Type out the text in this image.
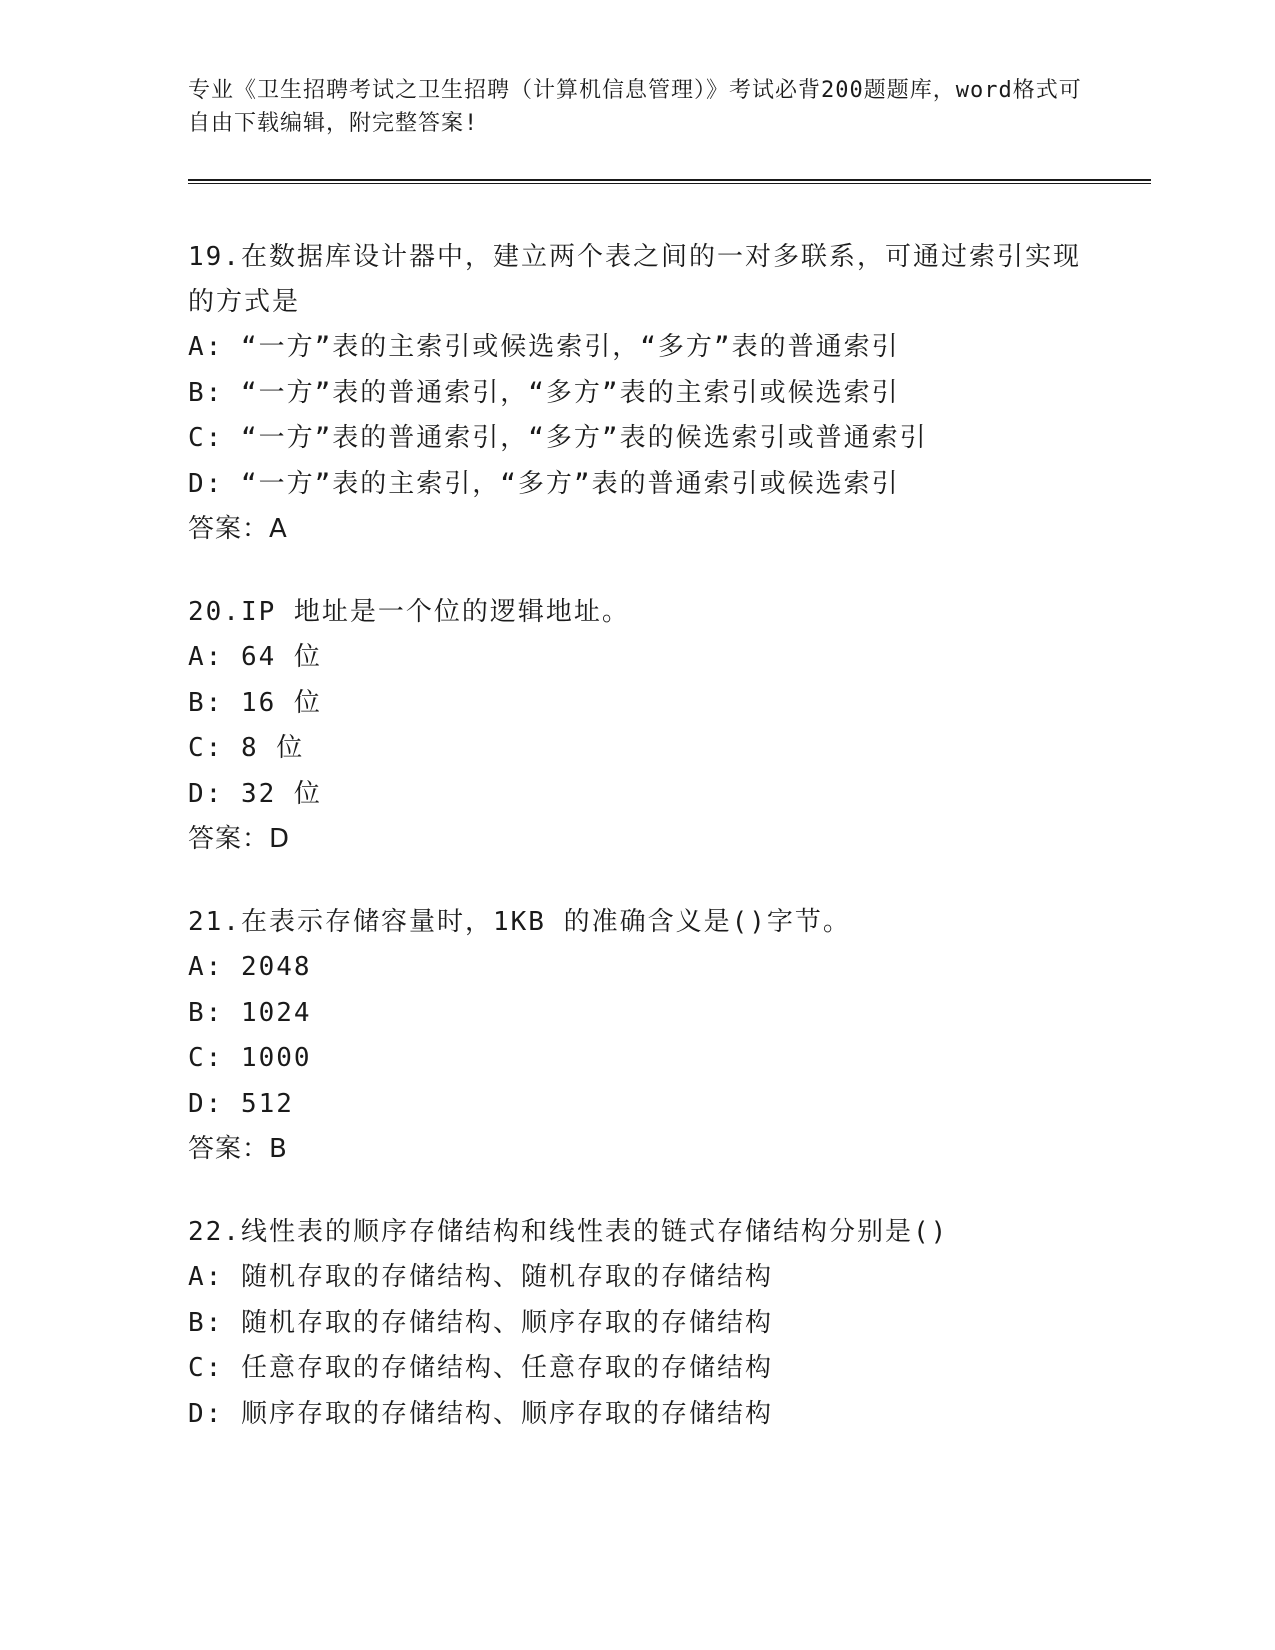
专业《卫生招聘考试之卫生招聘（计算机信息管理）》考试必背200题题库，word格式可自由下载编辑，附完整答案!

19.在数据库设计器中，建立两个表之间的一对多联系，可通过索引实现的方式是

A: “一方”表的主索引或候选索引，“多方”表的普通索引

B: “一方”表的普通索引，“多方”表的主索引或候选索引

C: “一方”表的普通索引，“多方”表的候选索引或普通索引

D: “一方”表的主索引，“多方”表的普通索引或候选索引

答案：A

20.IP 地址是一个位的逻辑地址。

A: 64 位

B: 16 位

C: 8 位

D: 32 位

答案：D

21.在表示存储容量时，1KB 的准确含义是()字节。

A: 2048

B: 1024

C: 1000

D: 512

答案：B

22.线性表的顺序存储结构和线性表的链式存储结构分别是()

A: 随机存取的存储结构、随机存取的存储结构

B: 随机存取的存储结构、顺序存取的存储结构

C: 任意存取的存储结构、任意存取的存储结构

D: 顺序存取的存储结构、顺序存取的存储结构
